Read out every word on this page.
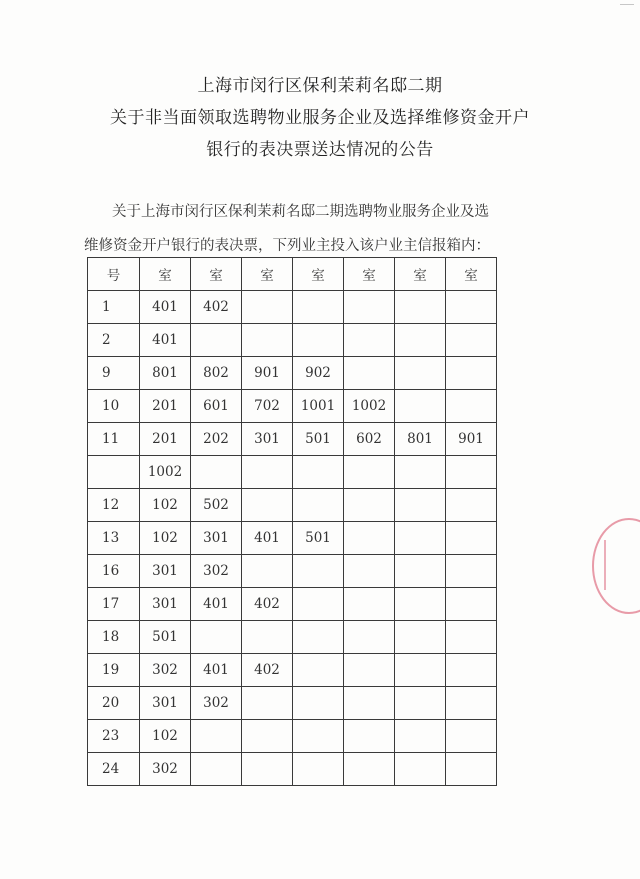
上海市闵行区保利茉莉名邸二期
关于非当面领取选聘物业服务企业及选择维修资金开户
银行的表决票送达情况的公告
关于上海市闵行区保利茉莉名邸二期选聘物业服务企业及选
维修资金开户银行的表决票，下列业主投入该户业主信报箱内：
号	室	室	室	室	室	室	室
1	401	402					
2	401						
9	801	802	901	902			
10	201	601	702	1001	1002		
11	201	202	301	501	602	801	901
	1002						
12	102	502					
13	102	301	401	501			
16	301	302					
17	301	401	402				
18	501						
19	302	401	402				
20	301	302					
23	102						
24	302						
